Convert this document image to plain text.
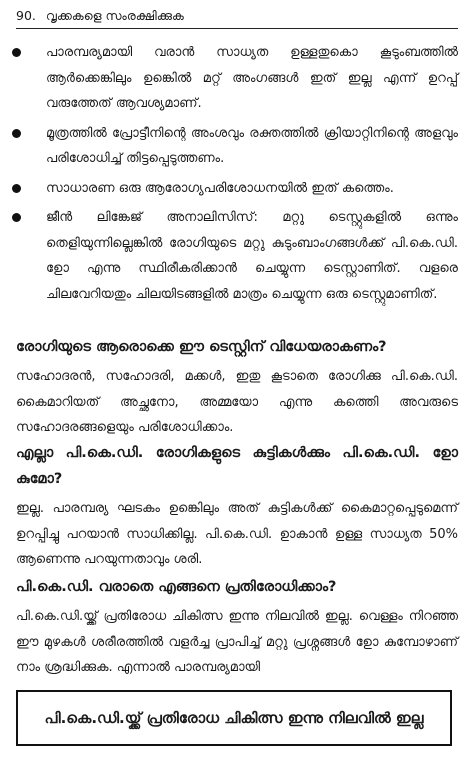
90. വൃക്കകളെ സംരക്ഷിക്കുക
പാരമ്പര്യമായി വരാൻ സാധ്യത ഉള്ളതുകൊ കൂടുംബത്തിൽ ആർക്കെങ്കിലും ഉങ്കെിൽ മറ്റ് അംഗങ്ങൾ ഇത് ഇല്ല എന്ന് ഉറപ്പ് വരുത്തേത് ആവശ്യമാണ്.
മൂത്രത്തിൽ പ്രോട്ടീനിന്റെ അംശവും രക്തത്തിൽ ക്രിയാറ്റിനിന്റെ അളവും പരിശോധിച്ച് തിട്ടപ്പെടുത്തണം.
സാധാരണ ഒരു ആരോഗ്യപരിശോധനയിൽ ഇത് കത്തെം.
ജീൻ ലിങ്കേജ് അനാലിസിസ്: മറ്റു ടെസ്റ്റുകളിൽ ഒന്നും തെളിയുന്നില്ലെങ്കിൽ രോഗിയുടെ മറ്റു കുടുംബാംഗങ്ങൾക്ക് പി.കെ.ഡി. ഉാേ എന്നു സ്ഥിരീകരിക്കാൻ ചെയ്യുന്ന ടെസ്റ്റാണിത്. വളരെ ചിലവേറിയതും ചിലയിടങ്ങളിൽ മാത്രം ചെയ്യുന്ന ഒരു ടെസ്റ്റുമാണിത്.
രോഗിയുടെ ആരൊക്കെ ഈ ടെസ്റ്റിന് വിധേയരാകണം?

സഹോദരൻ, സഹോദരി, മക്കൾ, ഇതു കൂടാതെ രോഗിക്കു പി.കെ.ഡി. കൈമാറിയത് അച്ഛനോ, അമ്മയോ എന്നു കത്തെി അവരുടെ സഹോദരങ്ങളെയും പരിശോധിക്കാം.

എല്ലാ പി.കെ.ഡി. രോഗികളുടെ കുട്ടികൾക്കും പി.കെ.ഡി. ഉാേ കുമോ?

ഇല്ല. പാരമ്പര്യ ഘടകം ഉങ്കെിലും അത് കുട്ടികൾക്ക് കൈമാറ്റപ്പെടുമെന്ന് ഉറപ്പിച്ചു പറയാൻ സാധിക്കില്ല. പി.കെ.ഡി. ഉാകാൻ ഉള്ള സാധ്യത 50% ആണെന്നു പറയുന്നതാവും ശരി.

പി.കെ.ഡി. വരാതെ എങ്ങനെ പ്രതിരോധിക്കാം?

പി.കെ.ഡി.യ്ക്ക് പ്രതിരോധ ചികിത്സ ഇന്നു നിലവിൽ ഇല്ല. വെള്ളം നിറഞ്ഞ ഈ മുഴകൾ ശരീരത്തിൽ വളർച്ച പ്രാപിച്ച് മറ്റു പ്രശ്നങ്ങൾ ഉാേ കുമ്പോഴാണ് നാം ശ്രദ്ധിക്കുക. എന്നാൽ പാരമ്പര്യമായി

പി.കെ.ഡി.യ്ക്ക് പ്രതിരോധ ചികിത്സ ഇന്നു നിലവിൽ ഇല്ല
